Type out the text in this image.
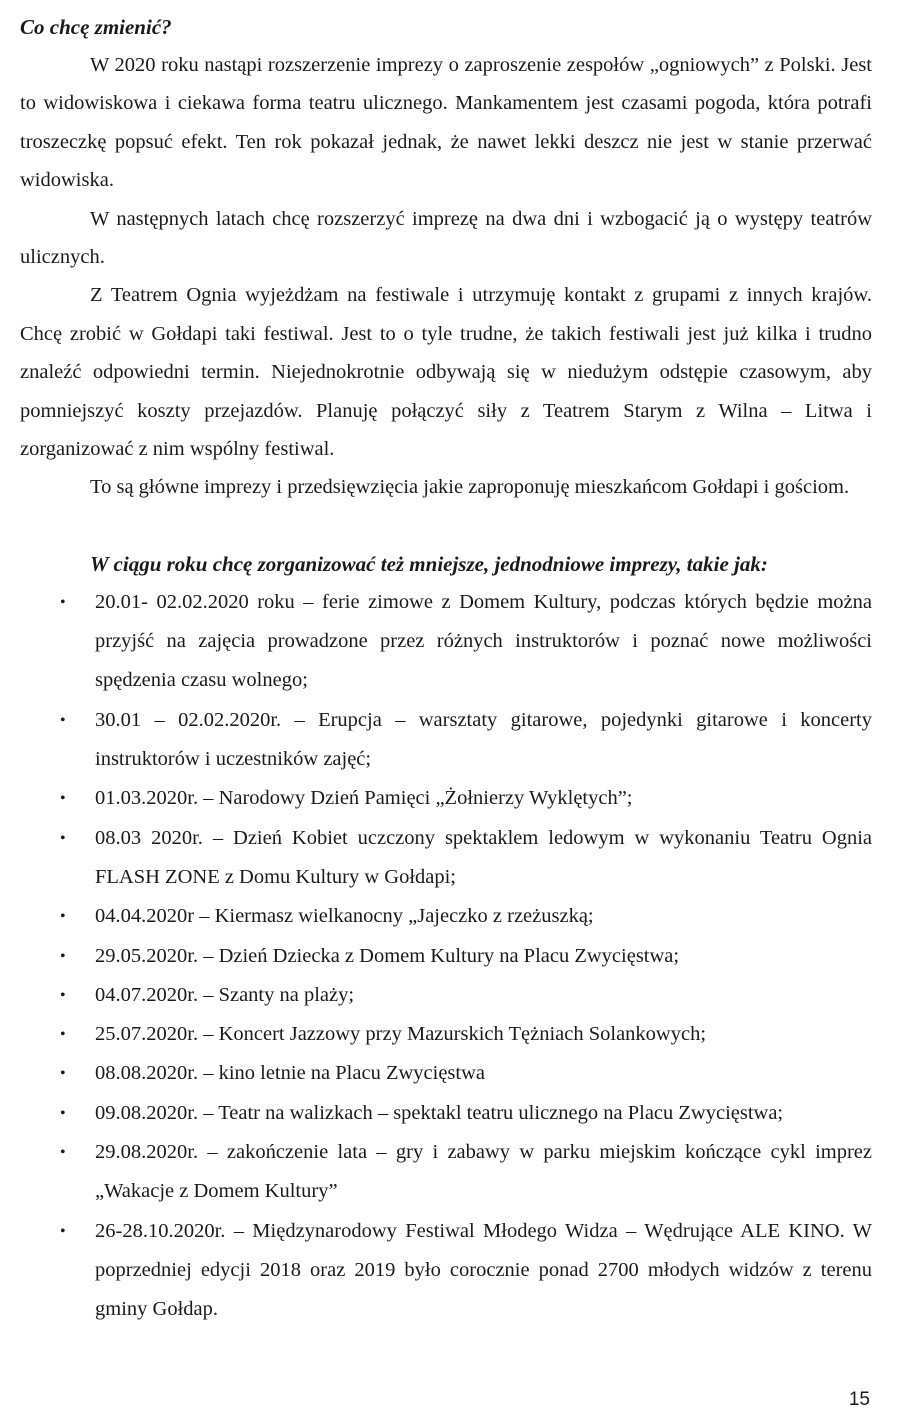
Co chcę zmienić?

W 2020 roku nastąpi rozszerzenie imprezy o zaproszenie zespołów „ogniowych” z Polski. Jest to widowiskowa i ciekawa forma teatru ulicznego. Mankamentem jest czasami pogoda, która potrafi troszeczkę popsuć efekt. Ten rok pokazał jednak, że nawet lekki deszcz nie jest w stanie przerwać widowiska.

W następnych latach chcę rozszerzyć imprezę na dwa dni i wzbogacić ją o występy teatrów ulicznych.

Z Teatrem Ognia wyjeżdżam na festiwale i utrzymuję kontakt z grupami z innych krajów. Chcę zrobić w Gołdapi taki festiwal. Jest to o tyle trudne, że takich festiwali jest już kilka i trudno znaleźć odpowiedni termin. Niejednokrotnie odbywają się w niedużym odstępie czasowym, aby pomniejszyć koszty przejazdów. Planuję połączyć siły z Teatrem Starym z Wilna – Litwa i zorganizować z nim wspólny festiwal.

To są główne imprezy i przedsięwzięcia jakie zaproponuję mieszkańcom Gołdapi i gościom.

W ciągu roku chcę zorganizować też mniejsze, jednodniowe imprezy, takie jak:

• 20.01- 02.02.2020 roku – ferie zimowe z Domem Kultury, podczas których będzie można przyjść na zajęcia prowadzone przez różnych instruktorów i poznać nowe możliwości spędzenia czasu wolnego;
• 30.01 – 02.02.2020r. – Erupcja – warsztaty gitarowe, pojedynki gitarowe i koncerty instruktorów i uczestników zajęć;
• 01.03.2020r. – Narodowy Dzień Pamięci „Żołnierzy Wyklętych”;
• 08.03 2020r. – Dzień Kobiet uczczony spektaklem ledowym w wykonaniu Teatru Ognia FLASH ZONE z Domu Kultury w Gołdapi;
• 04.04.2020r – Kiermasz wielkanocny „Jajeczko z rzeżuszką;
• 29.05.2020r. – Dzień Dziecka z Domem Kultury na Placu Zwycięstwa;
• 04.07.2020r. – Szanty na plaży;
• 25.07.2020r. – Koncert Jazzowy przy Mazurskich Tężniach Solankowych;
• 08.08.2020r. – kino letnie na Placu Zwycięstwa
• 09.08.2020r. – Teatr na walizkach – spektakl teatru ulicznego na Placu Zwycięstwa;
• 29.08.2020r. – zakończenie lata – gry i zabawy w parku miejskim kończące cykl imprez „Wakacje z Domem Kultury”
• 26-28.10.2020r. – Międzynarodowy Festiwal Młodego Widza – Wędrujące ALE KINO. W poprzedniej edycji 2018 oraz 2019 było corocznie ponad 2700 młodych widzów z terenu gminy Gołdap.
15
